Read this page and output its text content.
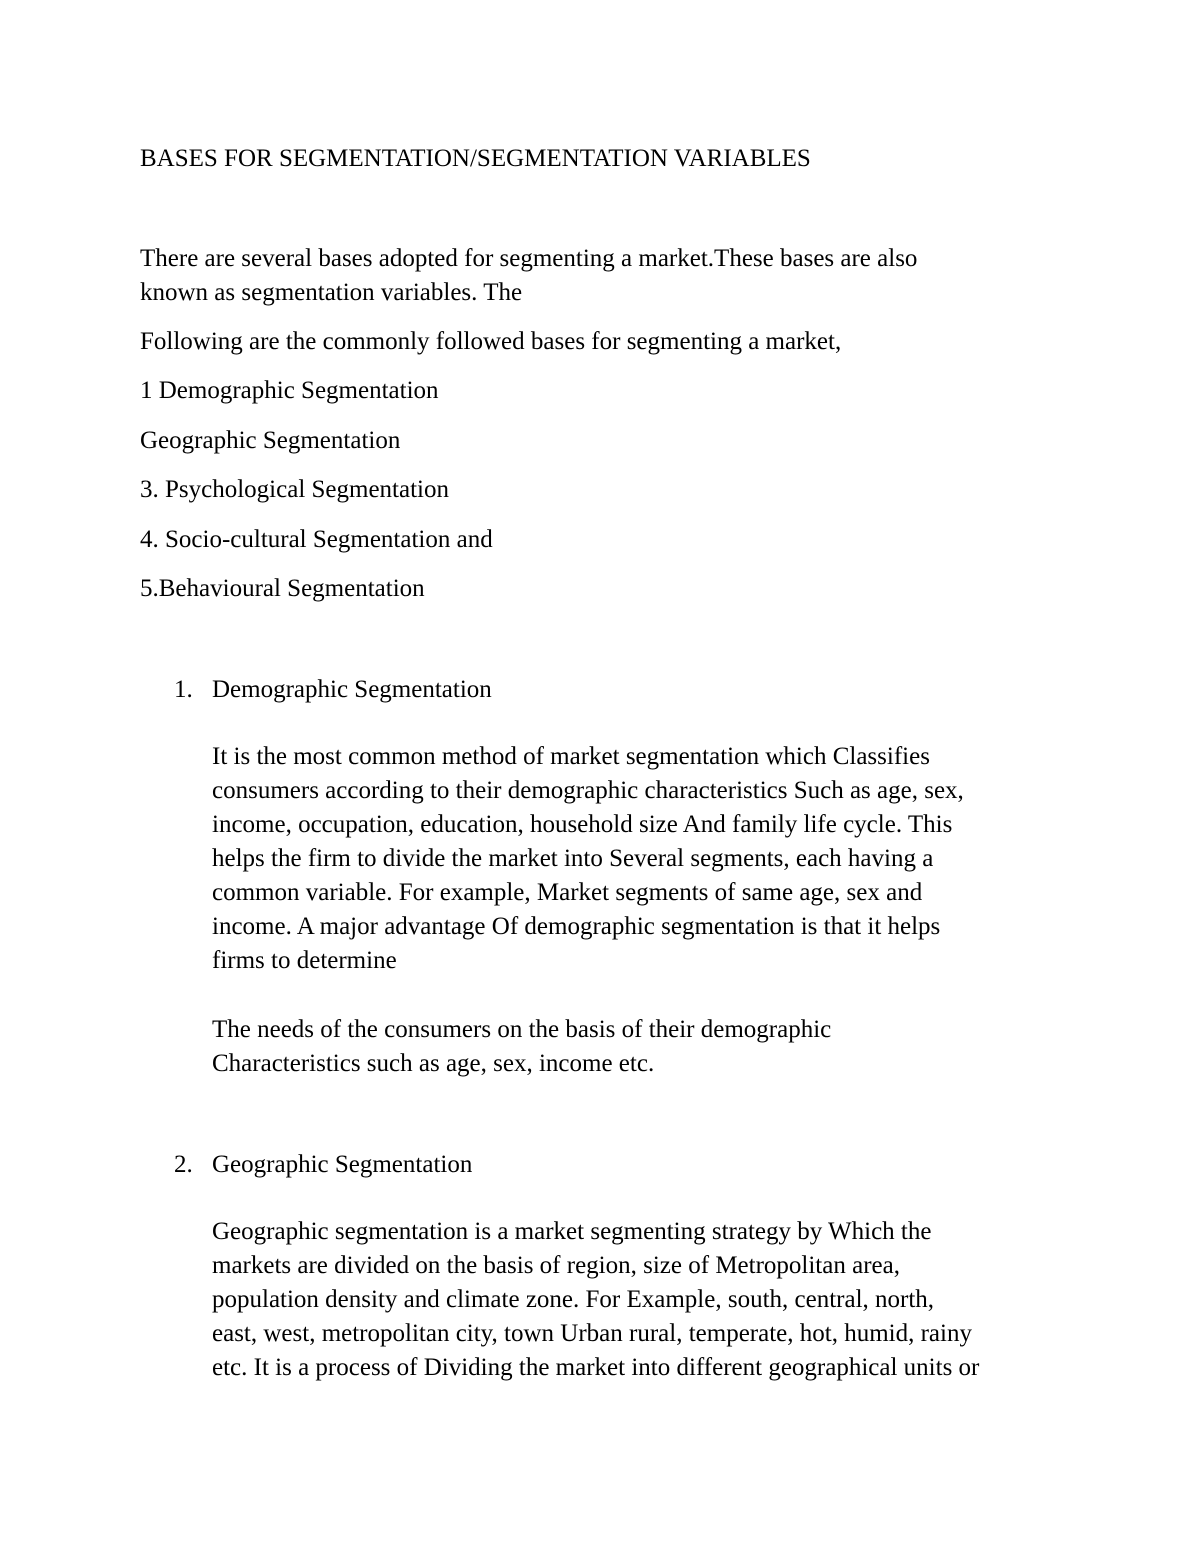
BASES FOR SEGMENTATION/SEGMENTATION VARIABLES

There are several bases adopted for segmenting a market.These bases are also

known as segmentation variables. The

Following are the commonly followed bases for segmenting a market,

1 Demographic Segmentation

Geographic Segmentation

3. Psychological Segmentation

4. Socio-cultural Segmentation and

5.Behavioural Segmentation

1. Demographic Segmentation
It is the most common method of market segmentation which Classifies
consumers according to their demographic characteristics Such as age, sex,
income, occupation, education, household size And family life cycle. This
helps the firm to divide the market into Several segments, each having a
common variable. For example, Market segments of same age, sex and
income. A major advantage Of demographic segmentation is that it helps
firms to determine
The needs of the consumers on the basis of their demographic
Characteristics such as age, sex, income etc.
2. Geographic Segmentation
Geographic segmentation is a market segmenting strategy by Which the
markets are divided on the basis of region, size of Metropolitan area,
population density and climate zone. For Example, south, central, north,
east, west, metropolitan city, town Urban rural, temperate, hot, humid, rainy
etc. It is a process of Dividing the market into different geographical units or
